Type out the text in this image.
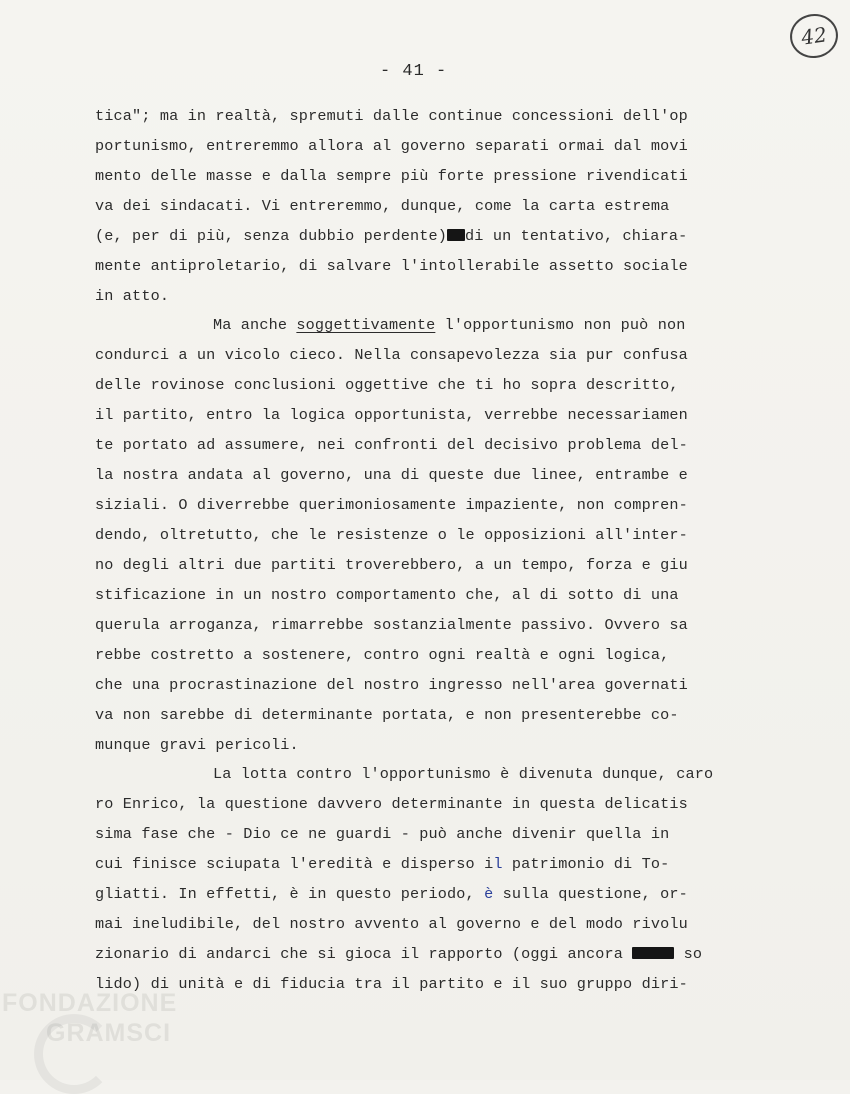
42
- 41 -
tica"; ma in realtà, spremuti dalle continue concessioni dell'op
portunismo, entreremmo allora al governo separati ormai dal movi
mento delle masse e dalla sempre più forte pressione rivendicati
va dei sindacati. Vi entreremmo, dunque, come la carta estrema
(e, per di più, senza dubbio perdente) di un tentativo, chiara-
mente antiproletario, di salvare l'intollerabile assetto sociale
in atto.
Ma anche soggettivamente l'opportunismo non può non
condurci a un vicolo cieco. Nella consapevolezza sia pur confusa
delle rovinose conclusioni oggettive che ti ho sopra descritto,
il partito, entro la logica opportunista, verrebbe necessariamen
te portato ad assumere, nei confronti del decisivo problema del-
la nostra andata al governo, una di queste due linee, entrambe e
siziali. O diverrebbe querimoniosamente impaziente, non compren-
dendo, oltretutto, che le resistenze o le opposizioni all'inter-
no degli altri due partiti troverebbero, a un tempo, forza e giu
stificazione in un nostro comportamento che, al di sotto di una
querula arroganza, rimarrebbe sostanzialmente passivo. Ovvero sa
rebbe costretto a sostenere, contro ogni realtà e ogni logica,
che una procrastinazione del nostro ingresso nell'area governati
va non sarebbe di determinante portata, e non presenterebbe co-
munque gravi pericoli.
La lotta contro l'opportunismo è divenuta dunque, caro
ro Enrico, la questione davvero determinante in questa delicatis
sima fase che - Dio ce ne guardi - può anche divenir quella in
cui finisce sciupata l'eredità e disperso il patrimonio di To-
gliatti. In effetti, è in questo periodo, è sulla questione, or-
mai ineludibile, del nostro avvento al governo e del modo rivolu
zionario di andarci che si gioca il rapporto (oggi ancora	so
lido) di unità e di fiducia tra il partito e il suo gruppo diri-
FONDAZIONE
GRAMSCI
